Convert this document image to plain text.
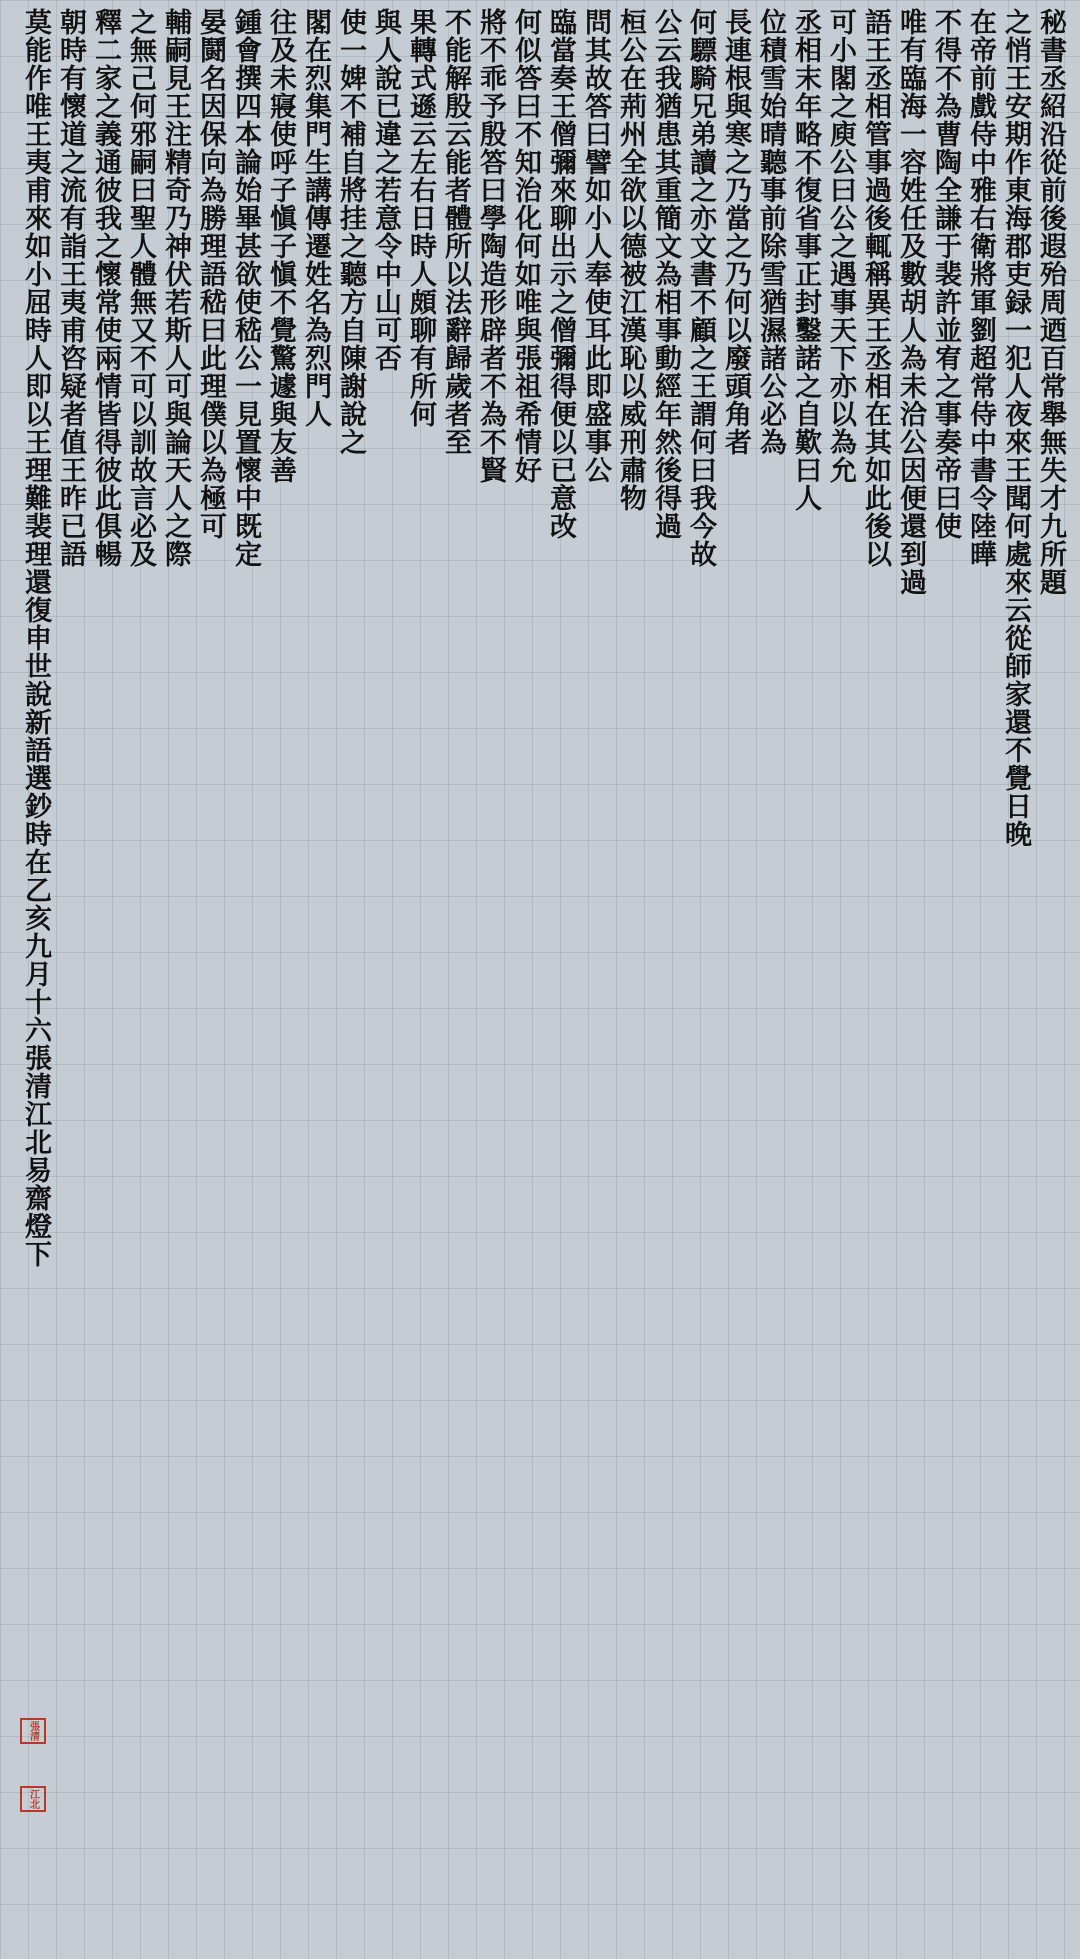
秘書丞紹沿從前後遐殆周迺百常舉無失才九所題
之悄王安期作東海郡吏録一犯人夜來王聞何處來云從師家還不覺日晚
在帝前戲侍中雅右衛將軍劉超常侍中書令陸曄
不得不為曹陶全謙于裴許並宥之事奏帝曰使
唯有臨海一容姓任及數胡人為未洽公因便還到過
語王丞相管事過後輒稱異王丞相在其如此後以
可小閣之庾公曰公之遇事天下亦以為允
丞相末年略不復省事正封鑿諾之自歎曰人
位積雪始晴聽事前除雪猶濕諸公必為
長連根與寒之乃當之乃何以廢頭角者
何驃騎兄弟讀之亦文書不顧之王謂何曰我今故
公云我猶患其重簡文為相事動經年然後得過
桓公在荊州全欲以德被江漢恥以威刑肅物
問其故答曰譬如小人奉使耳此即盛事公
臨當奏王僧彌來聊出示之僧彌得便以已意改
何似答曰不知治化何如唯與張祖希情好
將不乖予殷答曰學陶造形辟者不為不賢
不能解殷云能者體所以法辭歸歲者至
果轉式遜云左右日時人頗聊有所何
與人說已違之若意令中山可否
使一婢不補自將挂之聽方自陳謝說之
閣在烈集門生講傳遷姓名為烈門人
往及未寢使呼子愼子愼不覺驚遽與友善
鍾會撰四本論始畢甚欲使嵇公一見置懷中既定
晏鬪名因保向為勝理語嵇曰此理僕以為極可
輔嗣見王注精奇乃神伏若斯人可與論天人之際
之無己何邪嗣曰聖人體無又不可以訓故言必及
釋二家之義通彼我之懷常使兩情皆得彼此俱暢
朝時有懷道之流有詣王夷甫咨疑者值王昨已語
莫能作唯王夷甫來如小屈時人即以王理難裴理還復申世說新語選鈔時在乙亥九月十六張清江北易齋燈下
張清
江北
